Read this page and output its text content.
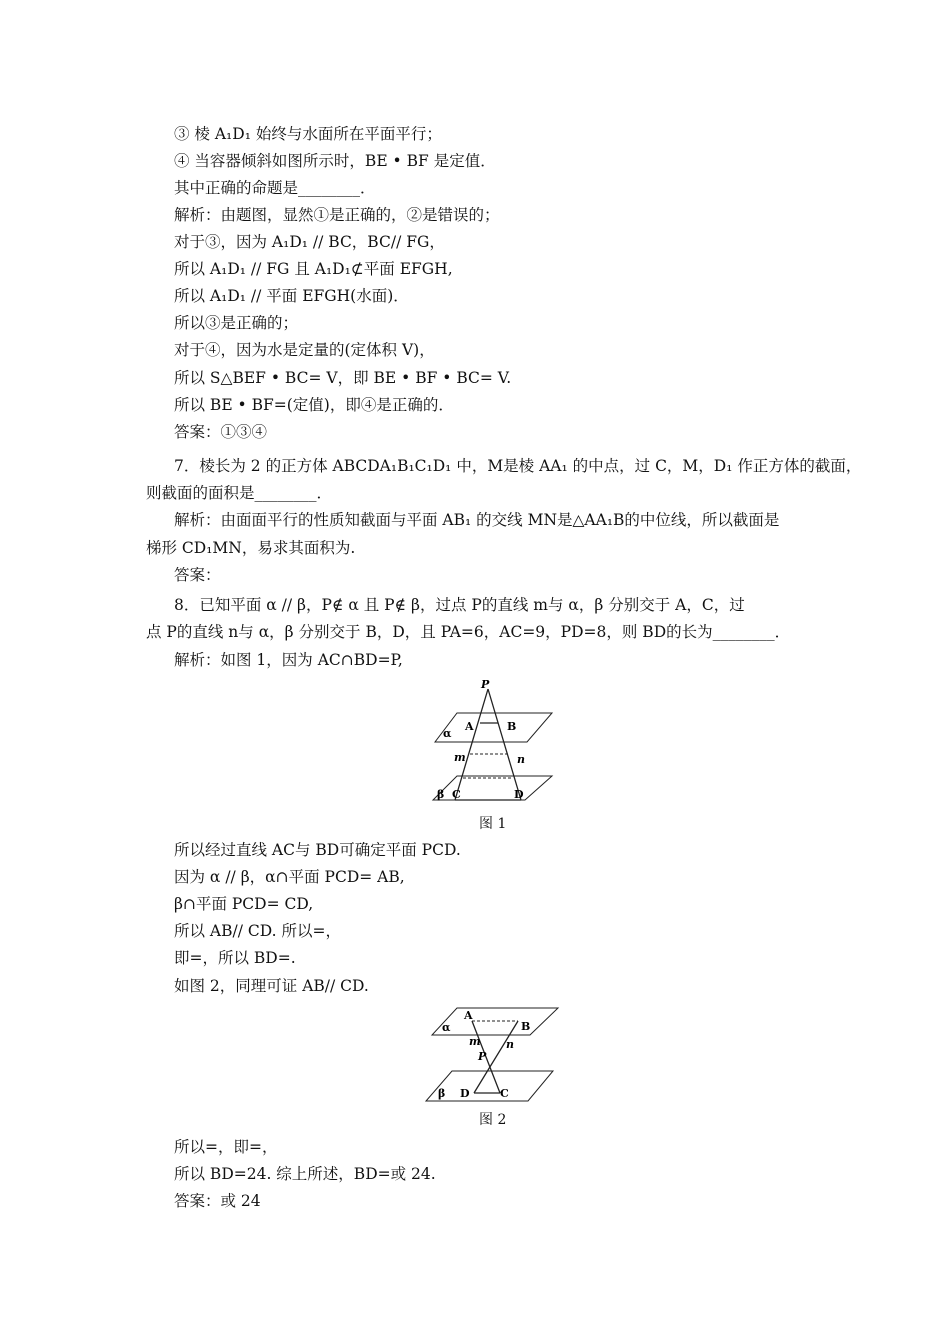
③ 棱 A₁D₁ 始终与水面所在平面平行；
④ 当容器倾斜如图所示时，BE • BF 是定值．
其中正确的命题是________．
解析：由题图，显然①是正确的，②是错误的；
对于③，因为 A₁D₁ // BC，BC// FG，
所以 A₁D₁ // FG 且 A₁D₁⊄平面 EFGH,
所以 A₁D₁ // 平面 EFGH(水面)．
所以③是正确的；
对于④，因为水是定量的(定体积 V)，
所以 S△BEF • BC= V，即 BE • BF • BC= V.
所以 BE • BF=(定值)，即④是正确的．
答案：①③④
7．棱长为 2 的正方体 ABCDA₁B₁C₁D₁ 中，M是棱 AA₁ 的中点，过 C，M，D₁ 作正方体的截面，
则截面的面积是________．
解析：由面面平行的性质知截面与平面 AB₁ 的交线 MN是△AA₁B的中位线，所以截面是
梯形 CD₁MN，易求其面积为.
答案：
8．已知平面 α // β，P∉ α 且 P∉ β，过点 P的直线 m与 α，β 分别交于 A，C，过
点 P的直线 n与 α，β 分别交于 B，D，且 PA=6，AC=9，PD=8，则 BD的长为________．
解析：如图 1，因为 AC∩BD=P,
P
A	B
α
m	n
β C	D
图 1
所以经过直线 AC与 BD可确定平面 PCD.
因为 α // β，α∩平面 PCD= AB,
β∩平面 PCD= CD,
所以 AB// CD. 所以=，
即=，所以 BD=.
如图 2，同理可证 AB// CD.
α
A
B
m
P
n
β D	C
图 2
所以=，即=，
所以 BD=24. 综上所述，BD=或 24.
答案：或 24
